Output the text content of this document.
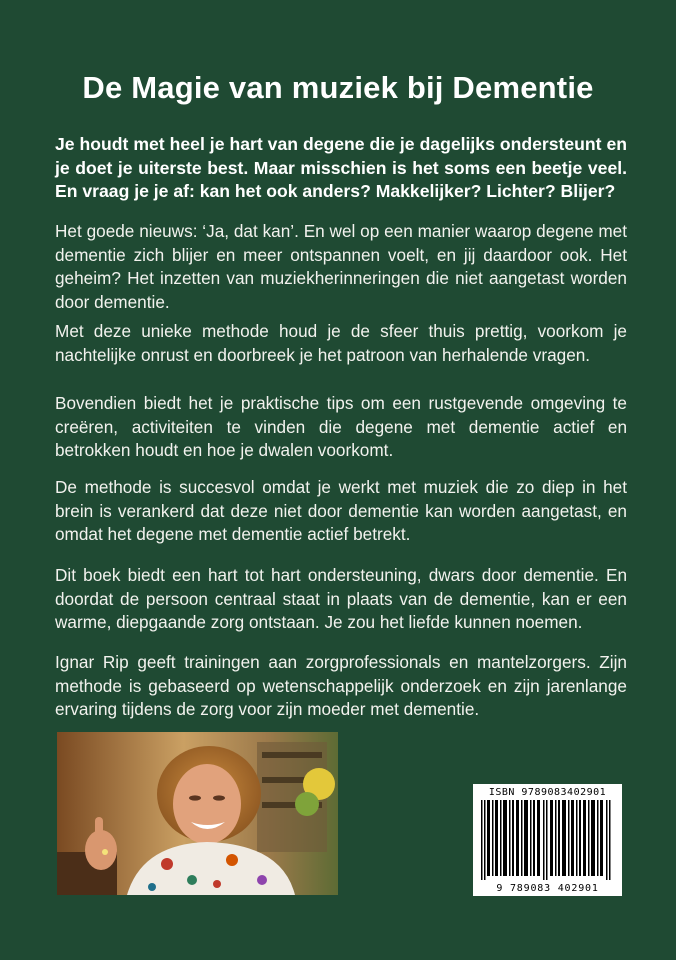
De Magie van muziek bij Dementie
Je houdt met heel je hart van degene die je dagelijks ondersteunt en je doet je uiterste best. Maar misschien is het soms een beetje veel. En vraag je je af: kan het ook anders? Makkelijker? Lichter? Blijer?
Het goede nieuws: ‘Ja, dat kan’. En wel op een manier waarop degene met dementie zich blijer en meer ontspannen voelt, en jij daardoor ook. Het geheim? Het inzetten van muziekherinneringen die niet aangetast worden door dementie.
Met deze unieke methode houd je de sfeer thuis prettig, voorkom je nachtelijke onrust en doorbreek je het patroon van herhalende vragen.
Bovendien biedt het je praktische tips om een rustgevende omgeving te creëren, activiteiten te vinden die degene met dementie actief en betrokken houdt en hoe je dwalen voorkomt.
De methode is succesvol omdat je werkt met muziek die zo diep in het brein is verankerd dat deze niet door dementie kan worden aangetast, en omdat het degene met dementie actief betrekt.
Dit boek biedt een hart tot hart ondersteuning, dwars door dementie. En doordat de persoon centraal staat in plaats van de dementie, kan er een warme, diepgaande zorg ontstaan. Je zou het liefde kunnen noemen.
Ignar Rip geeft trainingen aan zorgprofessionals en mantelzorgers. Zijn methode is gebaseerd op wetenschappelijk onderzoek en zijn jarenlange ervaring tijdens de zorg voor zijn moeder met dementie.
ISBN 9789083402901
9 789083 402901
